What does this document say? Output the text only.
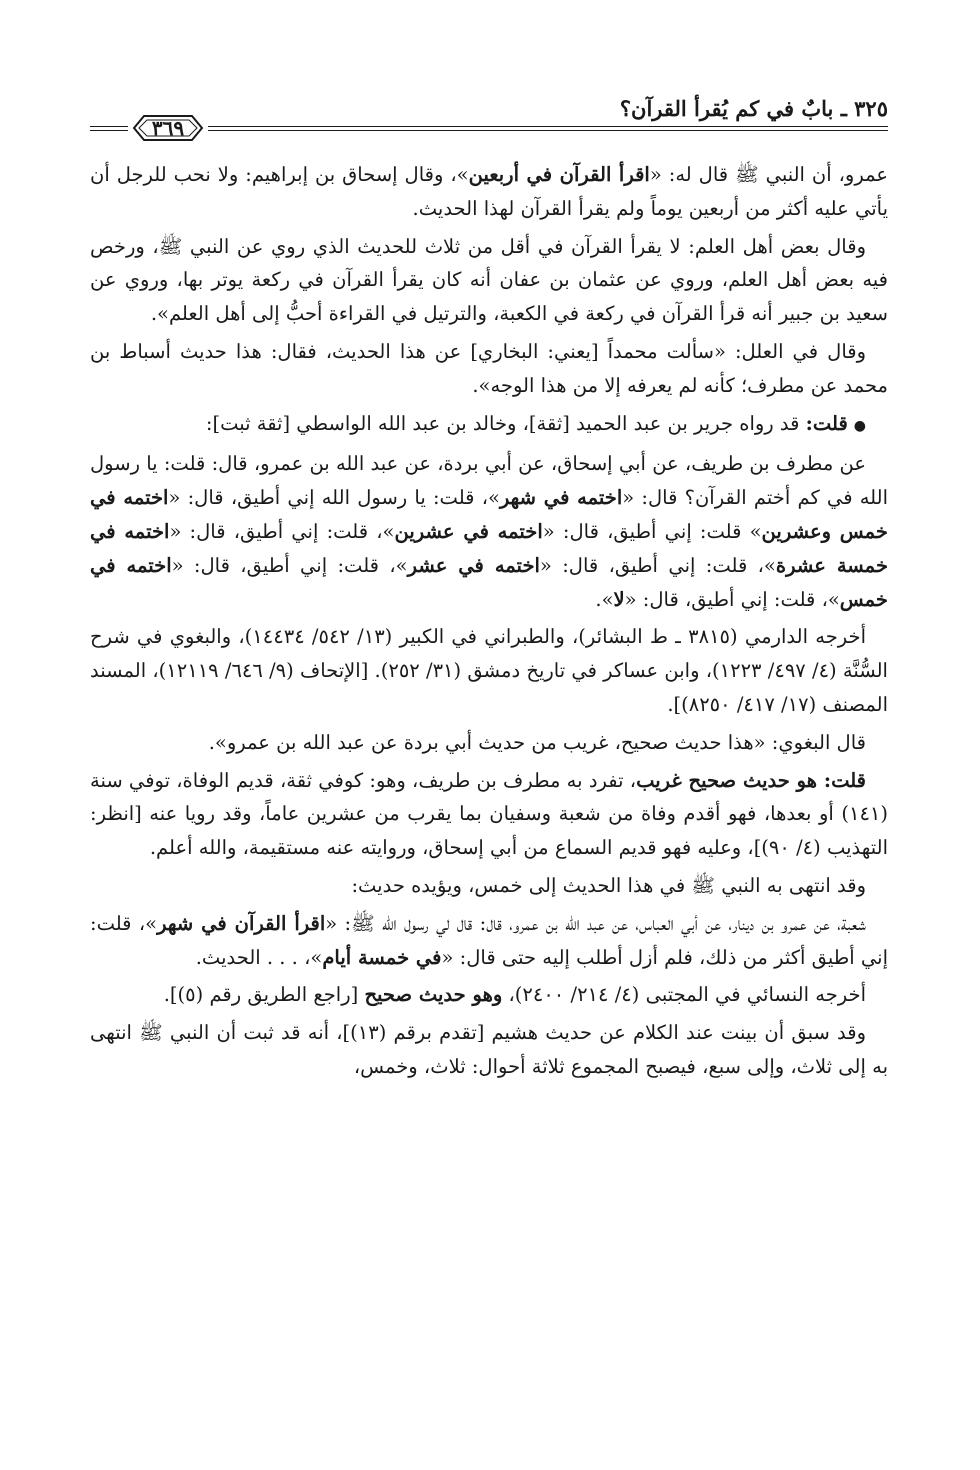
٣٢٥ ـ بابٌ في كم يُقرأ القرآن؟
٣٦٩

عمرو، أن النبي ﷺ قال له: «اقرأ القرآن في أربعين»، وقال إسحاق بن إبراهيم: ولا نحب للرجل أن يأتي عليه أكثر من أربعين يوماً ولم يقرأ القرآن لهذا الحديث.

وقال بعض أهل العلم: لا يقرأ القرآن في أقل من ثلاث للحديث الذي روي عن النبي ﷺ، ورخص فيه بعض أهل العلم، وروي عن عثمان بن عفان أنه كان يقرأ القرآن في ركعة يوتر بها، وروي عن سعيد بن جبير أنه قرأ القرآن في ركعة في الكعبة، والترتيل في القراءة أحبُّ إلى أهل العلم».

وقال في العلل: «سألت محمداً [يعني: البخاري] عن هذا الحديث، فقال: هذا حديث أسباط بن محمد عن مطرف؛ كأنه لم يعرفه إلا من هذا الوجه».

●قلت: قد رواه جرير بن عبد الحميد [ثقة]، وخالد بن عبد الله الواسطي [ثقة ثبت]:

عن مطرف بن طريف، عن أبي إسحاق، عن أبي بردة، عن عبد الله بن عمرو، قال: قلت: يا رسول الله في كم أختم القرآن؟ قال: «اختمه في شهر»، قلت: يا رسول الله إني أطيق، قال: «اختمه في خمس وعشرين» قلت: إني أطيق، قال: «اختمه في عشرين»، قلت: إني أطيق، قال: «اختمه في خمسة عشرة»، قلت: إني أطيق، قال: «اختمه في عشر»، قلت: إني أطيق، قال: «اختمه في خمس»، قلت: إني أطيق، قال: «لا».

أخرجه الدارمي (٣٨١٥ ـ ط البشائر)، والطبراني في الكبير (١٣/ ٥٤٢/ ١٤٤٣٤)، والبغوي في شرح السُّنَّة (٤/ ٤٩٧/ ١٢٢٣)، وابن عساكر في تاريخ دمشق (٣١/ ٢٥٢). [الإتحاف (٩/ ٦٤٦/ ١٢١١٩)، المسند المصنف (١٧/ ٤١٧/ ٨٢٥٠)].

قال البغوي: «هذا حديث صحيح، غريب من حديث أبي بردة عن عبد الله بن عمرو».

قلت: هو حديث صحيح غريب، تفرد به مطرف بن طريف، وهو: كوفي ثقة، قديم الوفاة، توفي سنة (١٤١) أو بعدها، فهو أقدم وفاة من شعبة وسفيان بما يقرب من عشرين عاماً، وقد رويا عنه [انظر: التهذيب (٤/ ٩٠)]، وعليه فهو قديم السماع من أبي إسحاق، وروايته عنه مستقيمة، والله أعلم.

وقد انتهى به النبي ﷺ في هذا الحديث إلى خمس، ويؤيده حديث:

شعبة، عن عمرو بن دينار، عن أبي العباس، عن عبد الله بن عمرو، قال: قال لي رسول الله ﷺ: «اقرأ القرآن في شهر»، قلت: إني أطيق أكثر من ذلك، فلم أزل أطلب إليه حتى قال: «في خمسة أيام»، . . . الحديث.

أخرجه النسائي في المجتبى (٤/ ٢١٤/ ٢٤٠٠)، وهو حديث صحيح [راجع الطريق رقم (٥)].

وقد سبق أن بينت عند الكلام عن حديث هشيم [تقدم برقم (١٣)]، أنه قد ثبت أن النبي ﷺ انتهى به إلى ثلاث، وإلى سبع، فيصبح المجموع ثلاثة أحوال: ثلاث، وخمس،
